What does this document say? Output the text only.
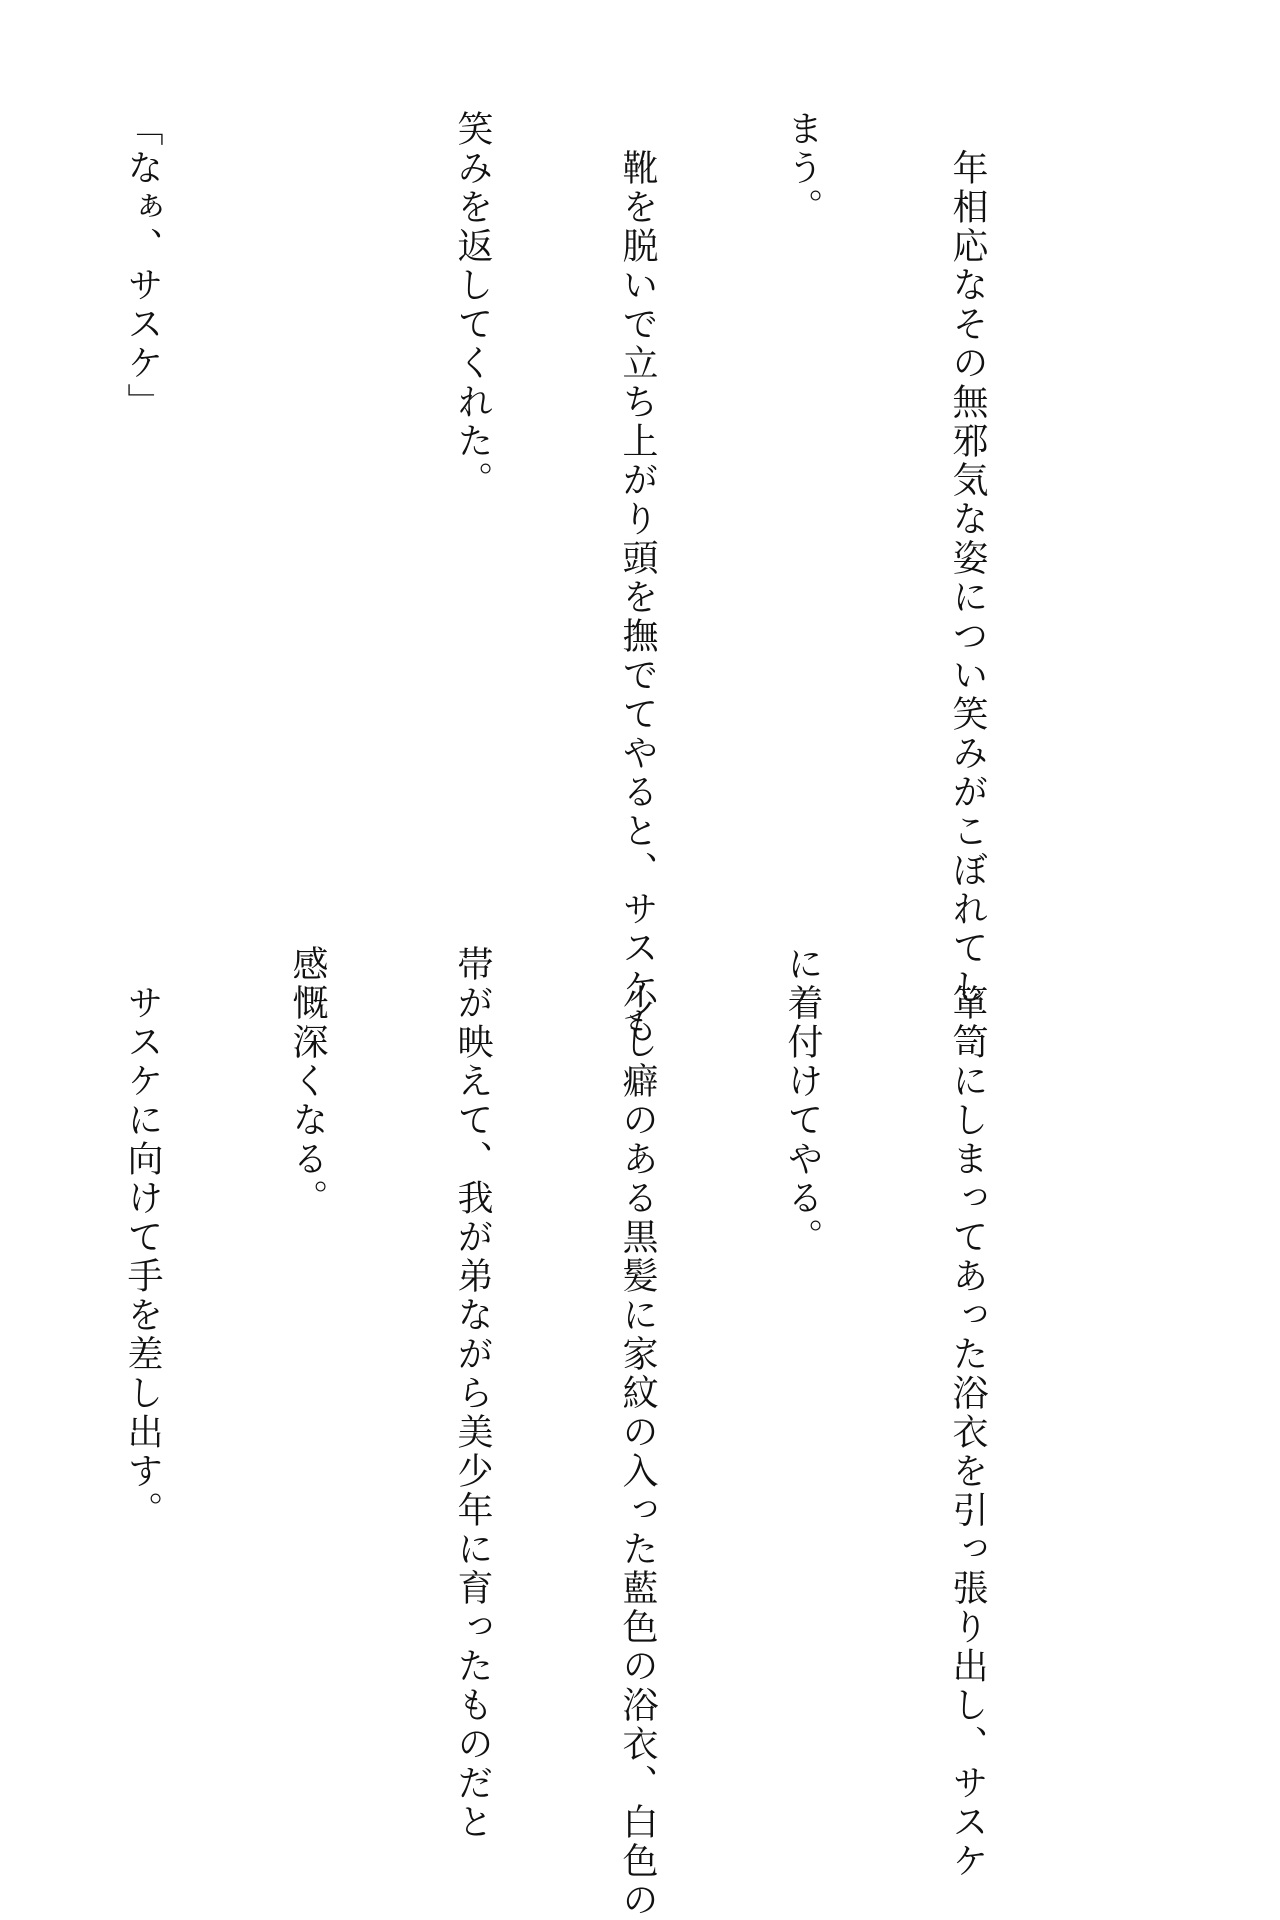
　年相応なその無邪気な姿につい笑みがこぼれてし

まう。

　靴を脱いで立ち上がり頭を撫でてやると、サスケも

笑みを返してくれた。

「なぁ、サスケ」

　箪笥にしまってあった浴衣を引っ張り出し、サスケ

に着付けてやる。

　少し癖のある黒髪に家紋の入った藍色の浴衣、白色の

帯が映えて、我が弟ながら美少年に育ったものだと

感慨深くなる。

　サスケに向けて手を差し出す。
